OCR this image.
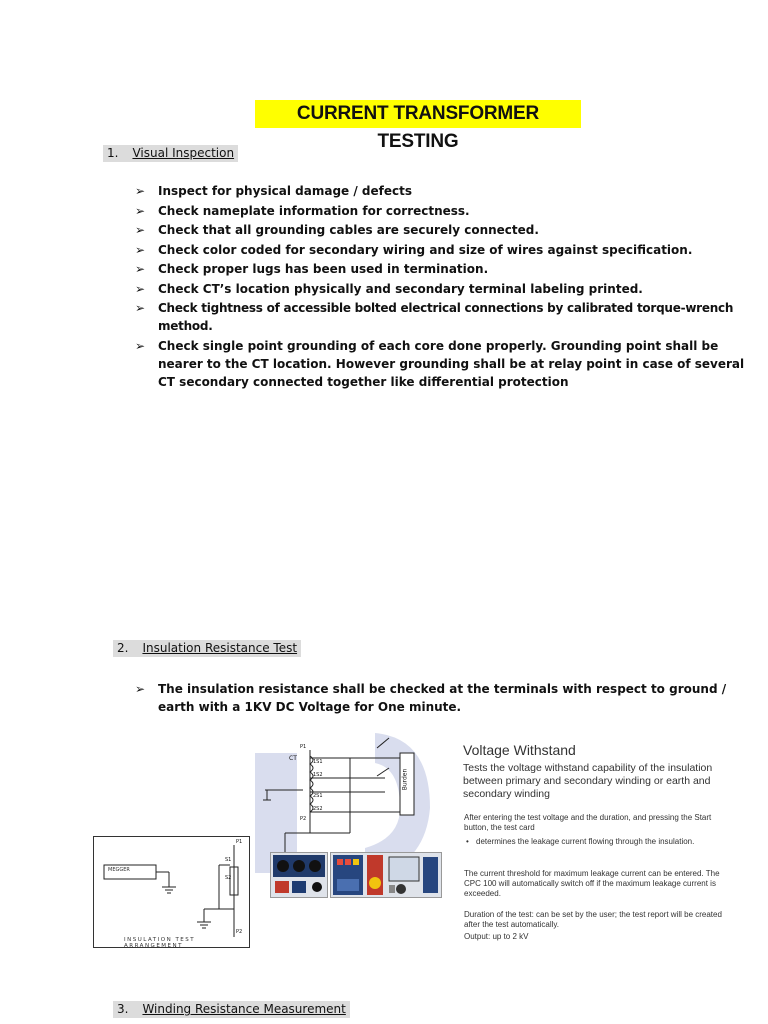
CURRENT TRANSFORMER TESTING
1. Visual Inspection
➢ Inspect for physical damage / defects
➢ Check nameplate information for correctness.
➢ Check that all grounding cables are securely connected.
➢ Check color coded for secondary wiring and size of wires against specification.
➢ Check proper lugs has been used in termination.
➢ Check CT’s location physically and secondary terminal labeling printed.
➢ Check tightness of accessible bolted electrical connections by calibrated torque-wrench method.
➢ Check single point grounding of each core done properly. Grounding point shall be nearer to the CT location. However grounding shall be at relay point in case of several CT secondary connected together like differential protection
2. Insulation Resistance Test
➢ The insulation resistance shall be checked at the terminals with respect to ground / earth with a 1KV DC Voltage for One minute.
MEGGER
P1
S1
S2
P2
INSULATION TEST ARRANGEMENT
CT
P1
1S1
1S2
2S1
2S2
P2
Burden
Voltage Withstand
Tests the voltage withstand capability of the insulation between primary and secondary winding or earth and secondary winding
After entering the test voltage and the duration, and pressing the Start button, the test card
• determines the leakage current flowing through the insulation.
The current threshold for maximum leakage current can be entered. The CPC 100 will automatically switch off if the maximum leakage current is exceeded.
Duration of the test: can be set by the user; the test report will be created after the test automatically.
Output: up to 2 kV
3. Winding Resistance Measurement
